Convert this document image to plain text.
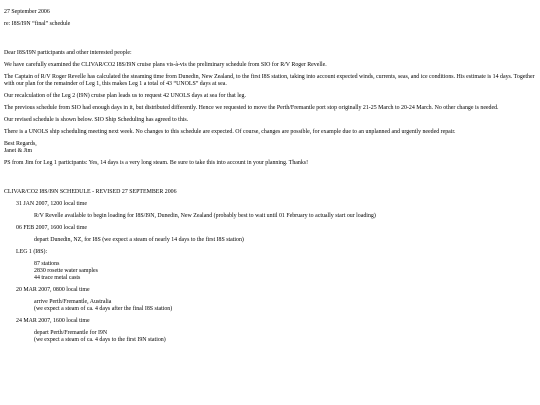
27 September 2006

re: I8S/I9N “final” schedule

Dear I8S/I9N participants and other interested people:

We have carefully examined the CLIVAR/CO2 I8S/I9N cruise plans vis-à-vis the preliminary schedule from SIO for R/V Roger Revelle.

The Captain of R/V Roger Revelle has calculated the steaming time from Dunedin, New Zealand, to the first I8S station, taking into account expected winds, currents, seas, and ice conditions. His estimate is 14 days. Together with our plan for the remainder of Leg 1, this makes Leg 1 a total of 43 “UNOLS” days at sea.

Our recalculation of the Leg 2 (I9N) cruise plan leads us to request 42 UNOLS days at sea for that leg.

The previous schedule from SIO had enough days in it, but distributed differently. Hence we requested to move the Perth/Fremantle port stop originally 21-25 March to 20-24 March. No other change is needed.

Our revised schedule is shown below. SIO Ship Scheduling has agreed to this.

There is a UNOLS ship scheduling meeting next week. No changes to this schedule are expected. Of course, changes are possible, for example due to an unplanned and urgently needed repair.

Best Regards,

Janet & Jim

PS from Jim for Leg 1 participants: Yes, 14 days is a very long steam. Be sure to take this into account in your planning. Thanks!

CLIVAR/CO2 I8S/I9N SCHEDULE - REVISED 27 SEPTEMBER 2006

31 JAN 2007, 1200 local time

R/V Revelle available to begin loading for I8S/I9N, Dunedin, New Zealand (probably best to wait until 01 February to actually start our loading)

06 FEB 2007, 1600 local time

depart Dunedin, NZ, for I8S (we expect a steam of nearly 14 days to the first I8S station)

LEG 1 (I8S):

87 stations

2830 rosette water samples

44 trace metal casts

20 MAR 2007, 0800 local time

arrive Perth/Fremantle, Australia

(we expect a steam of ca. 4 days after the final I8S station)

24 MAR 2007, 1600 local time

depart Perth/Fremantle for I9N

(we expect a steam of ca. 4 days to the first I9N station)
